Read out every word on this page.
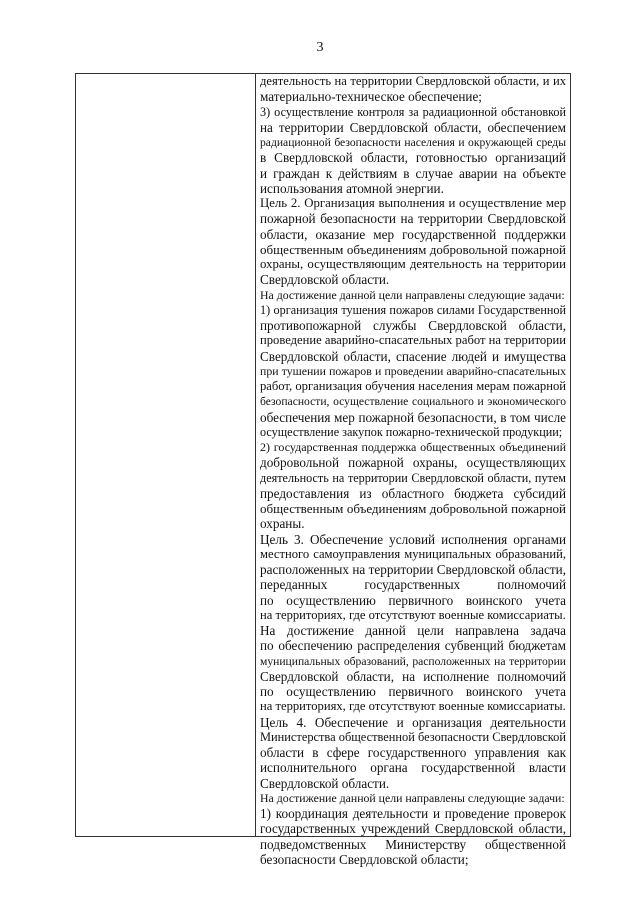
3
деятельность на территории Свердловской области, и их
материально-техническое обеспечение;
3) осуществление контроля за радиационной обстановкой
на территории Свердловской области, обеспечением
радиационной безопасности населения и окружающей среды
в Свердловской области, готовностью организаций
и граждан к действиям в случае аварии на объекте
использования атомной энергии.
Цель 2. Организация выполнения и осуществление мер
пожарной безопасности на территории Свердловской
области, оказание мер государственной поддержки
общественным объединениям добровольной пожарной
охраны, осуществляющим деятельность на территории
Свердловской области.
На достижение данной цели направлены следующие задачи:
1) организация тушения пожаров силами Государственной
противопожарной службы Свердловской области,
проведение аварийно-спасательных работ на территории
Свердловской области, спасение людей и имущества
при тушении пожаров и проведении аварийно-спасательных
работ, организация обучения населения мерам пожарной
безопасности, осуществление социального и экономического
обеспечения мер пожарной безопасности, в том числе
осуществление закупок пожарно-технической продукции;
2) государственная поддержка общественных объединений
добровольной пожарной охраны, осуществляющих
деятельность на территории Свердловской области, путем
предоставления из областного бюджета субсидий
общественным объединениям добровольной пожарной
охраны.
Цель 3. Обеспечение условий исполнения органами
местного самоуправления муниципальных образований,
расположенных на территории Свердловской области,
переданных государственных полномочий
по осуществлению первичного воинского учета
на территориях, где отсутствуют военные комиссариаты.
На достижение данной цели направлена задача
по обеспечению распределения субвенций бюджетам
муниципальных образований, расположенных на территории
Свердловской области, на исполнение полномочий
по осуществлению первичного воинского учета
на территориях, где отсутствуют военные комиссариаты.
Цель 4. Обеспечение и организация деятельности
Министерства общественной безопасности Свердловской
области в сфере государственного управления как
исполнительного органа государственной власти
Свердловской области.
На достижение данной цели направлены следующие задачи:
1) координация деятельности и проведение проверок
государственных учреждений Свердловской области,
подведомственных Министерству общественной
безопасности Свердловской области;
